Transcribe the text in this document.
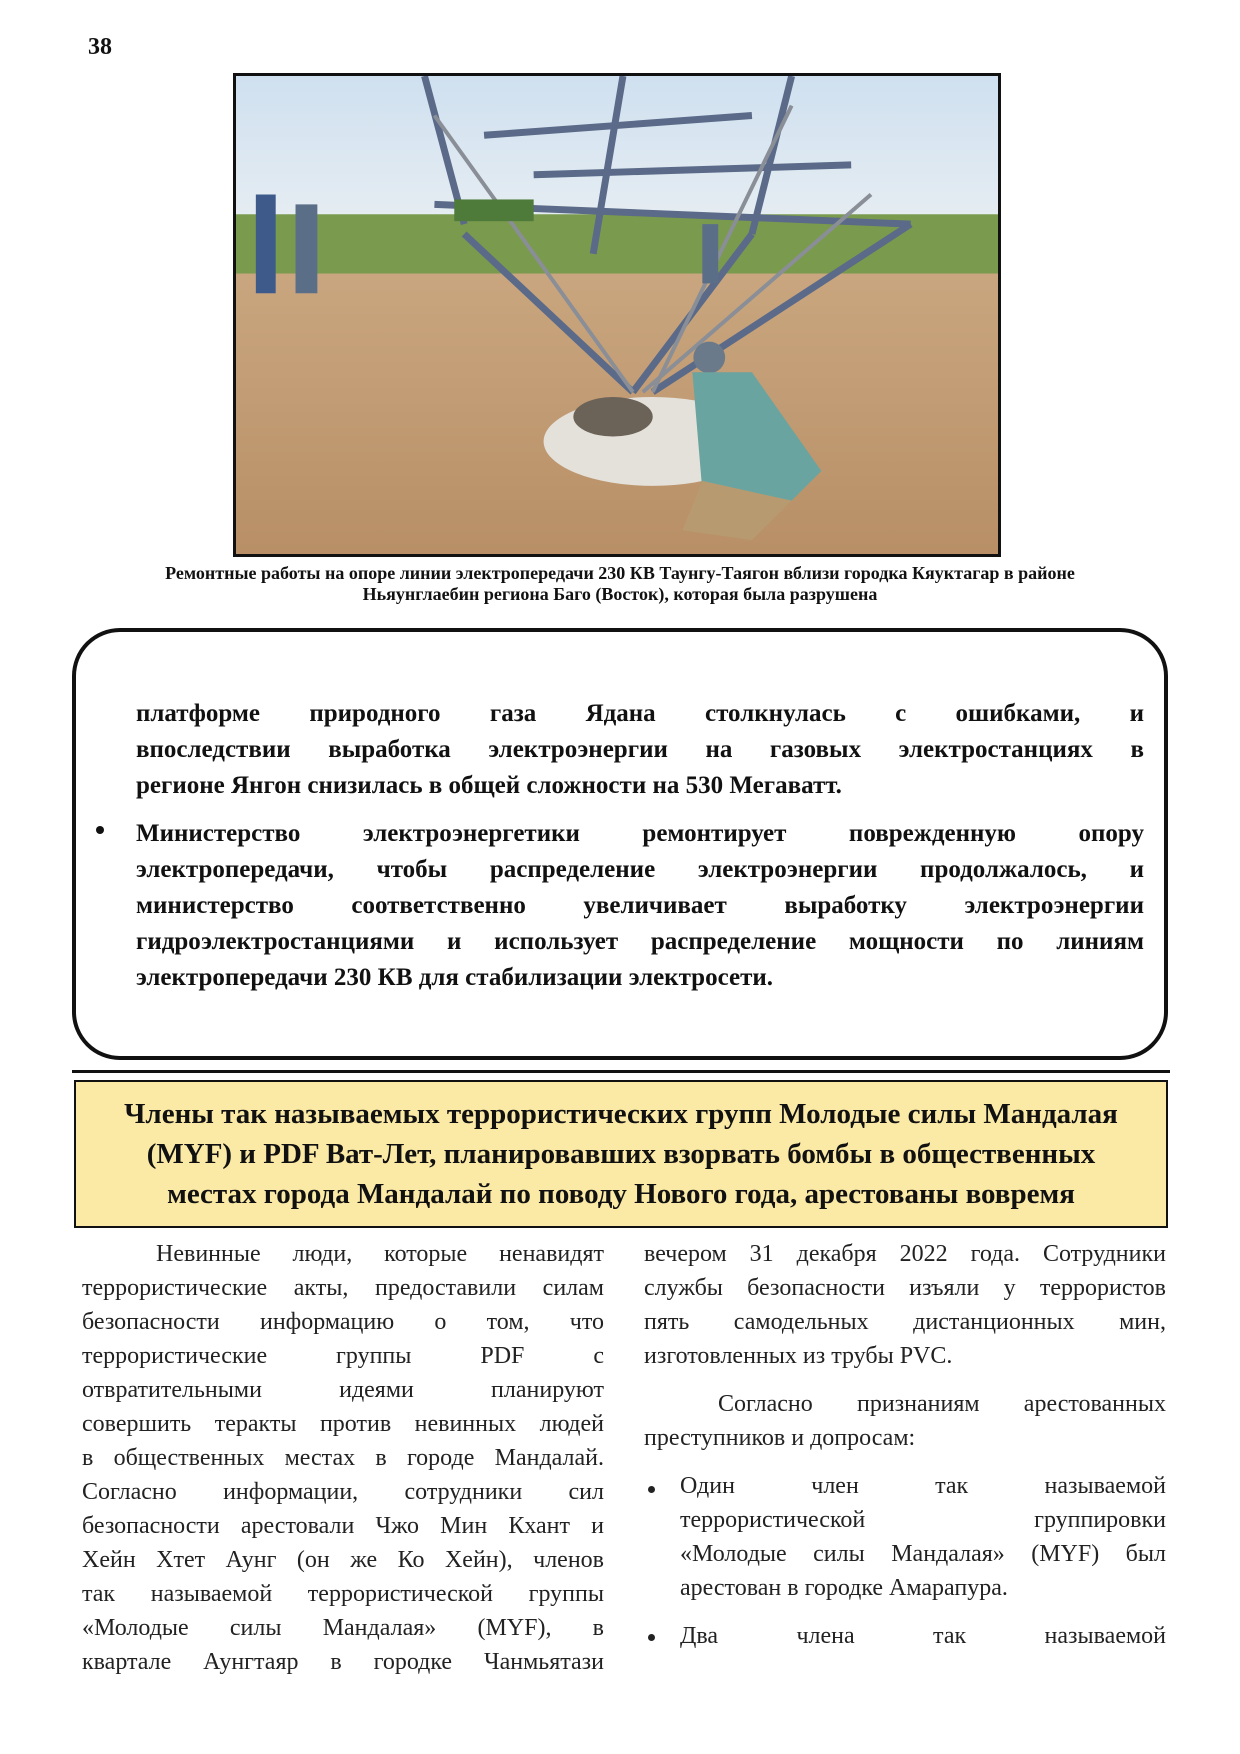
38
Ремонтные работы на опоре линии электропередачи 230 КВ Таунгу-Таягон вблизи городка Кяуктагар в районе
Ньяунглаебин региона Баго (Восток), которая была разрушена
платформе природного газа Ядана столкнулась с ошибками, и
впоследствии выработка электроэнергии на газовых электростанциях в
регионе Янгон снизилась в общей сложности на 530 Мегаватт.
Министерство электроэнергетики ремонтирует поврежденную опору
электропередачи, чтобы распределение электроэнергии продолжалось, и
министерство соответственно увеличивает выработку электроэнергии
гидроэлектростанциями и использует распределение мощности по линиям
электропередачи 230 КВ для стабилизации электросети.
Члены так называемых террористических групп Молодые силы Мандалая
(MYF) и PDF Ват-Лет, планировавших взорвать бомбы в общественных
местах города Мандалай по поводу Нового года, арестованы вовремя
Невинные люди, которые ненавидят
террористические акты, предоставили силам
безопасности информацию о том, что
террористические группы PDF с
отвратительными идеями планируют
совершить теракты против невинных людей
в общественных местах в городе Мандалай.
Согласно информации, сотрудники сил
безопасности арестовали Чжо Мин Кхант и
Хейн Хтет Аунг (он же Ко Хейн), членов
так называемой террористической группы
«Молодые силы Мандалая» (MYF), в
квартале Аунгтаяр в городке Чанмьятази
вечером 31 декабря 2022 года. Сотрудники
службы безопасности изъяли у террористов
пять самодельных дистанционных мин,
изготовленных из трубы PVC.
Согласно признаниям арестованных
преступников и допросам:
Один член так называемой
террористической группировки
«Молодые силы Мандалая» (MYF) был
арестован в городке Амарапура.
Два члена так называемой
